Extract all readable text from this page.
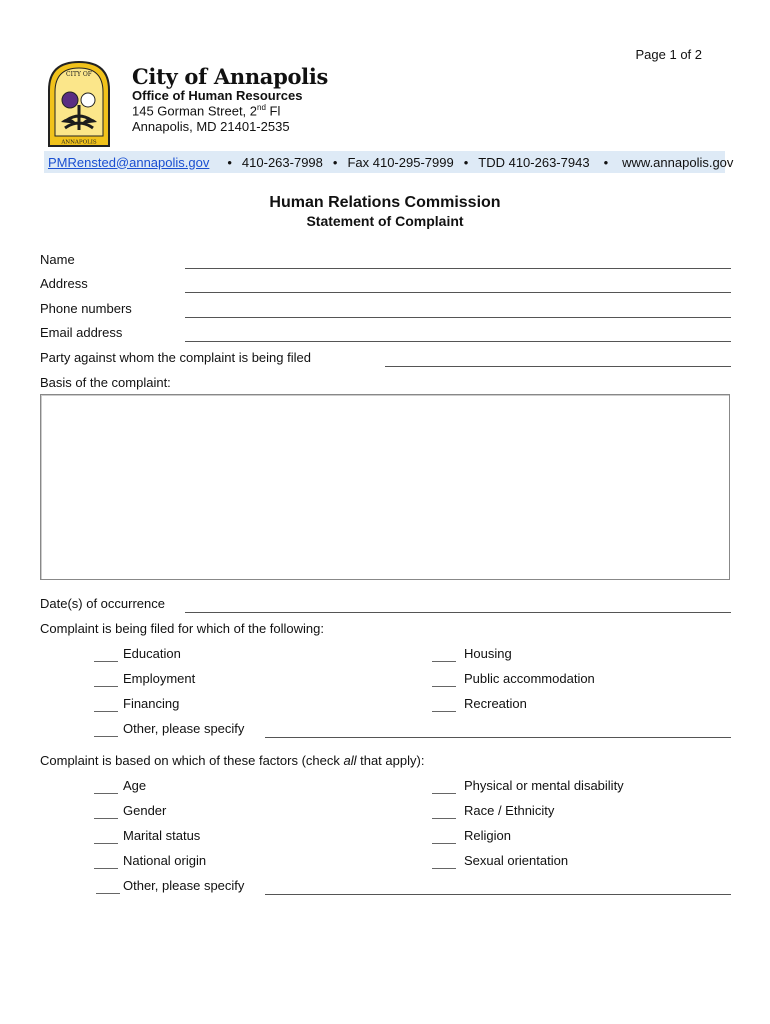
Page 1 of 2
CITY OF
ANNAPOLIS
City of Annapolis
Office of Human Resources
145 Gorman Street, 2nd Fl
Annapolis, MD 21401-2535
PMRensted@annapolis.gov • 410-263-7998 • Fax 410-295-7999 • TDD 410-263-7943 • www.annapolis.gov
Human Relations Commission
Statement of Complaint
Name
Address
Phone numbers
Email address
Party against whom the complaint is being filed
Basis of the complaint:
Date(s) of occurrence
Complaint is being filed for which of the following:
Education
Employment
Financing
Other, please specify
Housing
Public accommodation
Recreation
Complaint is based on which of these factors (check all that apply):
Age
Gender
Marital status
National origin
Other, please specify
Physical or mental disability
Race / Ethnicity
Religion
Sexual orientation
